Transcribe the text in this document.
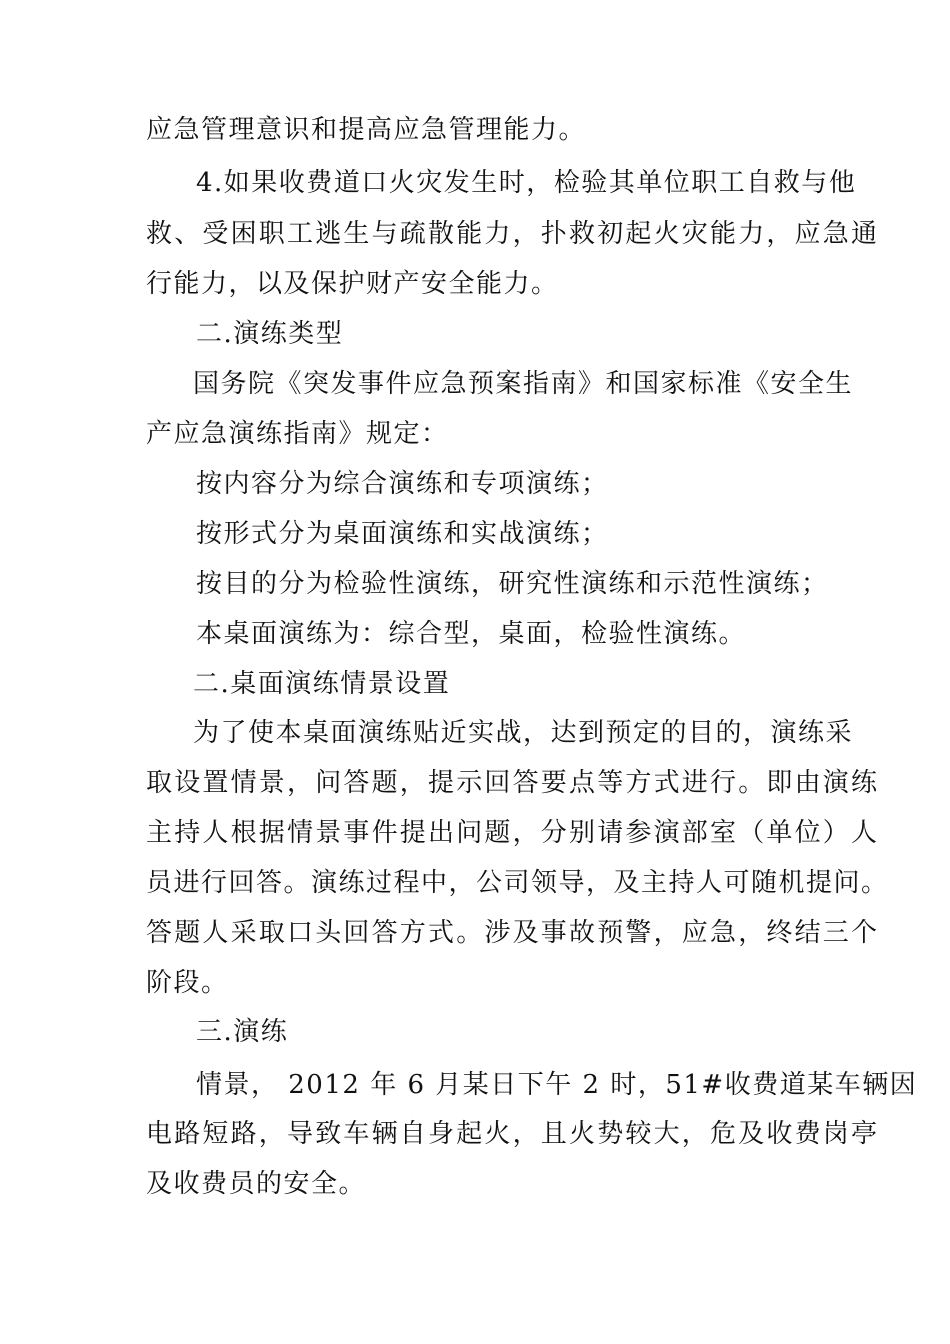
应急管理意识和提高应急管理能力。
4.如果收费道口火灾发生时，检验其单位职工自救与他
救、受困职工逃生与疏散能力，扑救初起火灾能力，应急通
行能力，以及保护财产安全能力。
二.演练类型
国务院《突发事件应急预案指南》和国家标准《安全生
产应急演练指南》规定：
按内容分为综合演练和专项演练；
按形式分为桌面演练和实战演练；
按目的分为检验性演练，研究性演练和示范性演练；
本桌面演练为：综合型，桌面，检验性演练。
二.桌面演练情景设置
为了使本桌面演练贴近实战，达到预定的目的，演练采
取设置情景，问答题，提示回答要点等方式进行。即由演练
主持人根据情景事件提出问题，分别请参演部室（单位）人
员进行回答。演练过程中，公司领导，及主持人可随机提问。
答题人采取口头回答方式。涉及事故预警，应急，终结三个
阶段。
三.演练
情景， 2012 年 6 月某日下午 2 时，51#收费道某车辆因
电路短路，导致车辆自身起火，且火势较大，危及收费岗亭
及收费员的安全。
